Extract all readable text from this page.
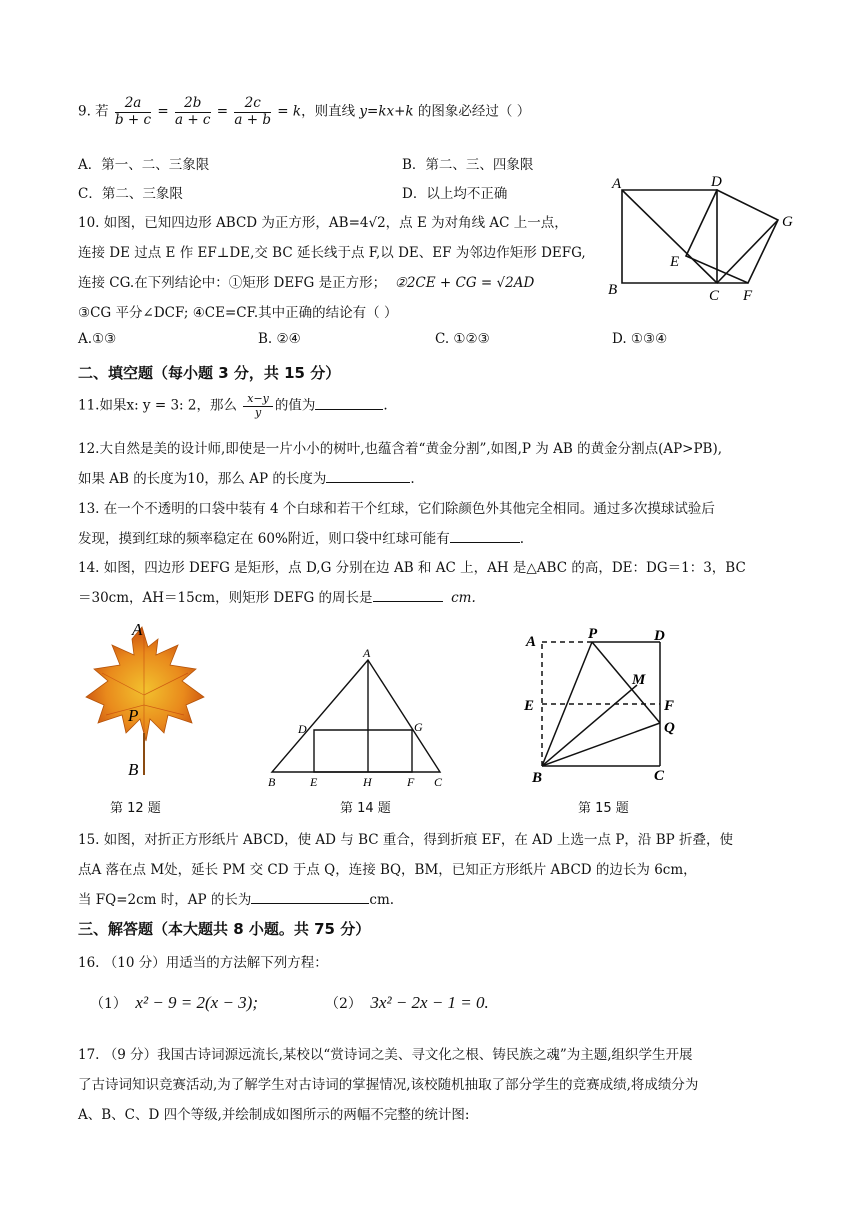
9. 若 $\frac{2a}{b + c} = \frac{2b}{a + c} = \frac{2c}{a + b} = k$，则直线 y=kx+k 的图象必经过（ ）
A．第一、二、三象限	B．第二、三、四象限
C．第二、三象限	D．以上均不正确
A	D
G
E
B	C F
10. 如图，已知四边形 ABCD 为正方形，AB=4√2，点 E 为对角线 AC 上一点，
连接 DE 过点 E 作 EF⊥DE,交 BC 延长线于点 F,以 DE、EF 为邻边作矩形 DEFG,
连接 CG.在下列结论中：①矩形 DEFG 是正方形； ②2CE + CG = √2AD
③CG 平分∠DCF; ④CE=CF.其中正确的结论有（ ）
A.①③	B. ②④	C. ①②③	D. ①③④
二、填空题（每小题 3 分，共 15 分）
11.如果x: y = 3: 2，那么 $\frac{x-y}{y}$ 的值为	.
12.大自然是美的设计师,即使是一片小小的树叶,也蕴含着“黄金分割”,如图,P 为 AB 的黄金分割点(AP>PB),
如果 AB 的长度为10，那么 AP 的长度为	.
13. 在一个不透明的口袋中装有 4 个白球和若干个红球，它们除颜色外其他完全相同。通过多次摸球试验后
发现，摸到红球的频率稳定在 60%附近，则口袋中红球可能有	.
14. 如图，四边形 DEFG 是矩形，点 D,G 分别在边 AB 和 AC 上，AH 是△ABC 的高，DE：DG＝1：3，BC
＝30cm，AH＝15cm，则矩形 DEFG 的周长是	cm.
A
P
B
第 12 题
A
D	G
B	E	H	F C
第 14 题
A	P	D
M
E	F
Q
B	C
第 15 题
15. 如图，对折正方形纸片 ABCD，使 AD 与 BC 重合，得到折痕 EF，在 AD 上选一点 P，沿 BP 折叠，使
点A 落在点 M处，延长 PM 交 CD 于点 Q，连接 BQ，BM，已知正方形纸片 ABCD 的边长为 6cm，
当 FQ=2cm 时，AP 的长为	cm.
三、解答题（本大题共 8 小题。共 75 分）
16. （10 分）用适当的方法解下列方程：
（1） x² − 9 = 2(x − 3);	（2） 3x² − 2x − 1 = 0.
17. （9 分）我国古诗词源远流长,某校以“赏诗词之美、寻文化之根、铸民族之魂”为主题,组织学生开展
了古诗词知识竞赛活动,为了解学生对古诗词的掌握情况,该校随机抽取了部分学生的竞赛成绩,将成绩分为
A、B、C、D 四个等级,并绘制成如图所示的两幅不完整的统计图:
